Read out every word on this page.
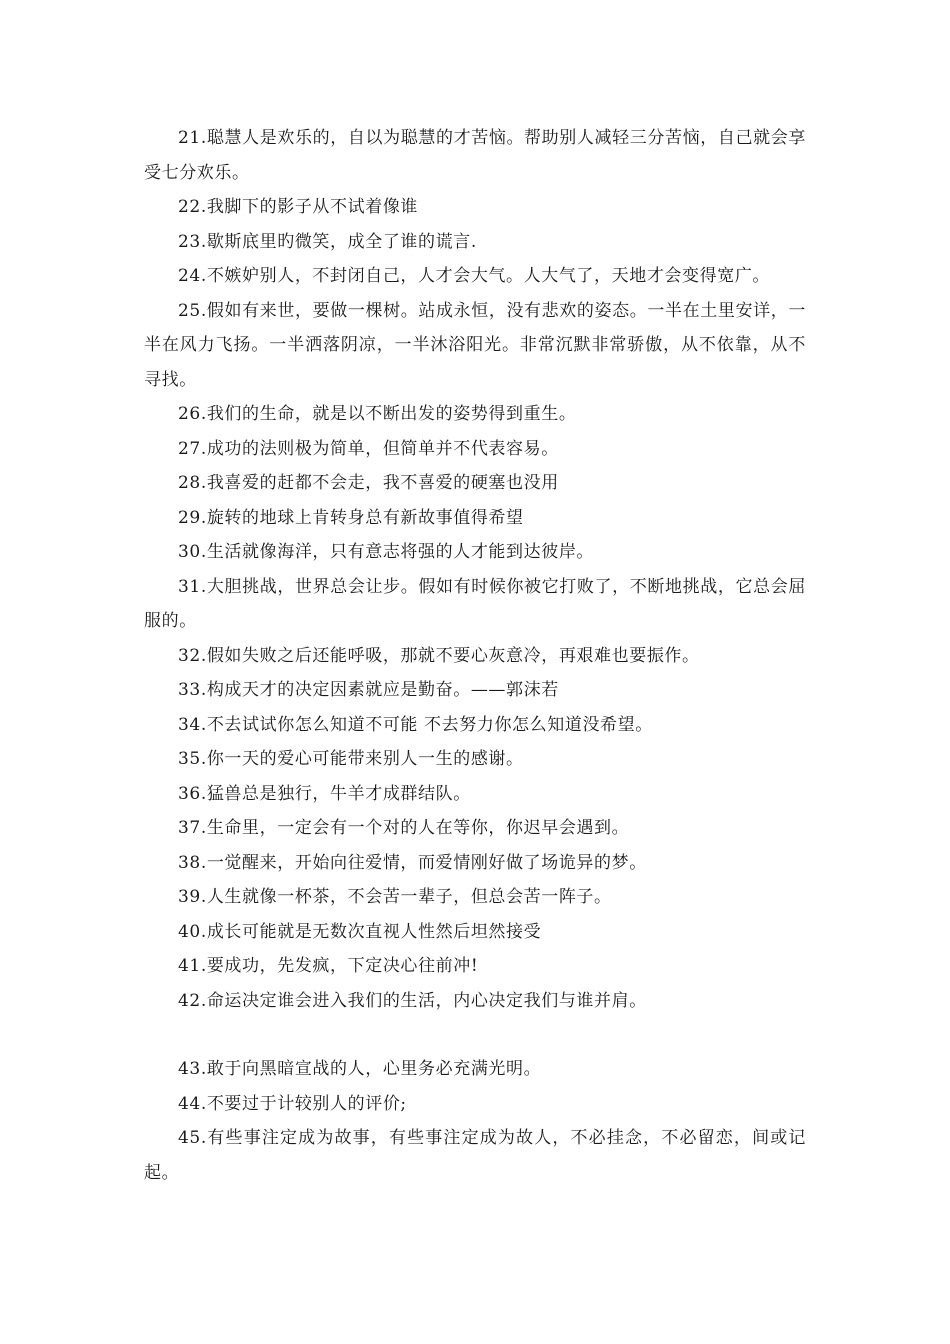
21.聪慧人是欢乐的，自以为聪慧的才苦恼。帮助别人减轻三分苦恼，自己就会享受七分欢乐。

22.我脚下的影子从不试着像谁

23.歇斯底里旳微笑，成全了谁的谎言.

24.不嫉妒别人，不封闭自己，人才会大气。人大气了，天地才会变得宽广。

25.假如有来世，要做一棵树。站成永恒，没有悲欢的姿态。一半在土里安详，一半在风力飞扬。一半洒落阴凉，一半沐浴阳光。非常沉默非常骄傲，从不依靠，从不寻找。

26.我们的生命，就是以不断出发的姿势得到重生。

27.成功的法则极为简单，但简单并不代表容易。

28.我喜爱的赶都不会走，我不喜爱的硬塞也没用

29.旋转的地球上肯转身总有新故事值得希望

30.生活就像海洋，只有意志将强的人才能到达彼岸。

31.大胆挑战，世界总会让步。假如有时候你被它打败了，不断地挑战，它总会屈服的。

32.假如失败之后还能呼吸，那就不要心灰意冷，再艰难也要振作。

33.构成天才的决定因素就应是勤奋。——郭沫若

34.不去试试你怎么知道不可能 不去努力你怎么知道没希望。

35.你一天的爱心可能带来别人一生的感谢。

36.猛兽总是独行，牛羊才成群结队。

37.生命里，一定会有一个对的人在等你，你迟早会遇到。

38.一觉醒来，开始向往爱情，而爱情刚好做了场诡异的梦。

39.人生就像一杯茶，不会苦一辈子，但总会苦一阵子。

40.成长可能就是无数次直视人性然后坦然接受

41.要成功，先发疯，下定决心往前冲!

42.命运决定谁会进入我们的生活，内心决定我们与谁并肩。

43.敢于向黑暗宣战的人，心里务必充满光明。

44.不要过于计较别人的评价;

45.有些事注定成为故事，有些事注定成为故人，不必挂念，不必留恋，间或记起。
